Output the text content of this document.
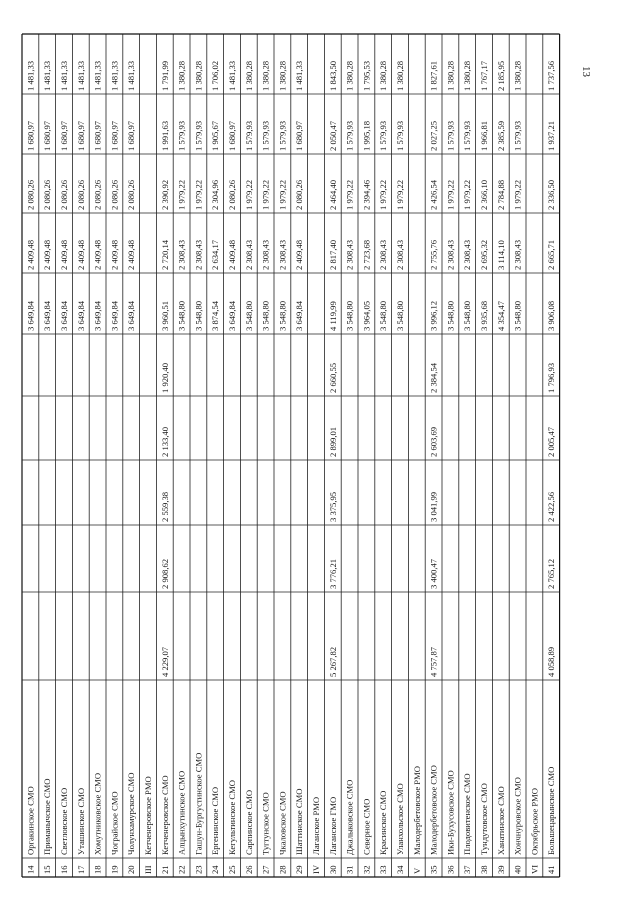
14
Оргакинское СМО
3 649,84
2 409,48
2 080,26
1 680,97
1 481,33
15
Приманычское СМО
3 649,84
2 409,48
2 080,26
1 680,97
1 481,33
16
Светловское СМО
3 649,84
2 409,48
2 080,26
1 680,97
1 481,33
17
Уташинское СМО
3 649,84
2 409,48
2 080,26
1 680,97
1 481,33
18
Хомутниковское СМО
3 649,84
2 409,48
2 080,26
1 680,97
1 481,33
19
Чограйское СМО
3 649,84
2 409,48
2 080,26
1 680,97
1 481,33
20
Чолунхамурское СМО
3 649,84
2 409,48
2 080,26
1 680,97
1 481,33
III
Кетченеровское РМО
21
Кетченеровское СМО
4 229,07
2 908,62
2 559,38
2 133,40
1 920,40
3 960,51
2 720,14
2 390,92
1 991,63
1 791,99
22
Алцынхутинское СМО
3 548,80
2 308,43
1 979,22
1 579,93
1 380,28
23
Гашун-Бургустинское СМО
3 548,80
2 308,43
1 979,22
1 579,93
1 380,28
24
Ергенинское СМО
3 874,54
2 634,17
2 304,96
1 905,67
1 706,02
25
Кегультинское СМО
3 649,84
2 409,48
2 080,26
1 680,97
1 481,33
26
Сарпинское СМО
3 548,80
2 308,43
1 979,22
1 579,93
1 380,28
27
Тугтунское СМО
3 548,80
2 308,43
1 979,22
1 579,93
1 380,28
28
Чкаловское СМО
3 548,80
2 308,43
1 979,22
1 579,93
1 380,28
29
Шаттинское СМО
3 649,84
2 409,48
2 080,26
1 680,97
1 481,33
IV
Лаганское РМО
30
Лаганское ГМО
5 267,82
3 776,21
3 375,95
2 899,01
2 660,55
4 119,99
2 817,40
2 464,40
2 050,47
1 843,50
31
Джалыковское СМО
3 548,80
2 308,43
1 979,22
1 579,93
1 380,28
32
Северное СМО
3 964,05
2 723,68
2 394,46
1 995,18
1 795,53
33
Красинское СМО
3 548,80
2 308,43
1 979,22
1 579,93
1 380,28
34
Уланхольское СМО
3 548,80
2 308,43
1 979,22
1 579,93
1 380,28
V
Малодербетовское РМО
35
Малодербетовское СМО
4 757,87
3 400,47
3 041,99
2 603,69
2 384,54
3 996,12
2 755,76
2 426,54
2 027,25
1 827,61
36
Ики-Бухусовское СМО
3 548,80
2 308,43
1 979,22
1 579,93
1 380,28
37
Плодовитенское СМО
3 548,80
2 308,43
1 979,22
1 579,93
1 380,28
38
Тундутовское СМО
3 935,68
2 695,32
2 366,10
1 966,81
1 767,17
39
Ханатинское СМО
4 354,47
3 114,10
2 784,88
2 385,59
2 185,95
40
Хончнуровское СМО
3 548,80
2 308,43
1 979,22
1 579,93
1 380,28
VI
Октябрьское РМО
41
Большецарынское СМО
4 058,89
2 765,12
2 422,56
2 005,47
1 796,93
3 906,08
2 665,71
2 336,50
1 937,21
1 737,56 13
